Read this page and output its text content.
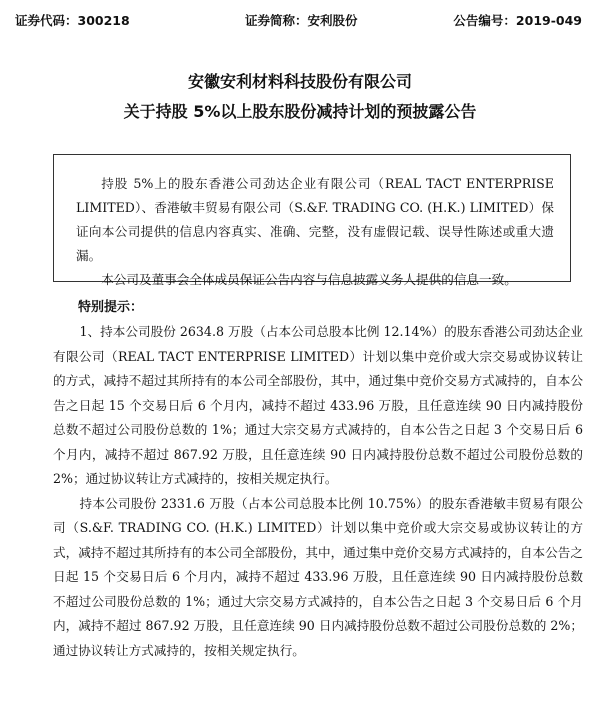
证券代码：300218	证券简称：安利股份	公告编号：2019-049
安徽安利材料科技股份有限公司
关于持股 5%以上股东股份减持计划的预披露公告

持股 5%上的股东香港公司劲达企业有限公司（REAL TACT ENTERPRISE LIMITED）、香港敏丰贸易有限公司（S.&F. TRADING CO. (H.K.) LIMITED）保证向本公司提供的信息内容真实、准确、完整，没有虚假记载、误导性陈述或重大遗漏。

本公司及董事会全体成员保证公告内容与信息披露义务人提供的信息一致。

特别提示：

1、持本公司股份 2634.8 万股（占本公司总股本比例 12.14%）的股东香港公司劲达企业有限公司（REAL TACT ENTERPRISE LIMITED）计划以集中竞价或大宗交易或协议转让的方式，减持不超过其所持有的本公司全部股份，其中，通过集中竞价交易方式减持的，自本公告之日起 15 个交易日后 6 个月内，减持不超过 433.96 万股，且任意连续 90 日内减持股份总数不超过公司股份总数的 1%；通过大宗交易方式减持的，自本公告之日起 3 个交易日后 6 个月内，减持不超过 867.92 万股，且任意连续 90 日内减持股份总数不超过公司股份总数的 2%；通过协议转让方式减持的，按相关规定执行。

持本公司股份 2331.6 万股（占本公司总股本比例 10.75%）的股东香港敏丰贸易有限公司（S.&F. TRADING CO. (H.K.) LIMITED）计划以集中竞价或大宗交易或协议转让的方式，减持不超过其所持有的本公司全部股份，其中，通过集中竞价交易方式减持的，自本公告之日起 15 个交易日后 6 个月内，减持不超过 433.96 万股，且任意连续 90 日内减持股份总数不超过公司股份总数的 1%；通过大宗交易方式减持的，自本公告之日起 3 个交易日后 6 个月内，减持不超过 867.92 万股，且任意连续 90 日内减持股份总数不超过公司股份总数的 2%；通过协议转让方式减持的，按相关规定执行。
